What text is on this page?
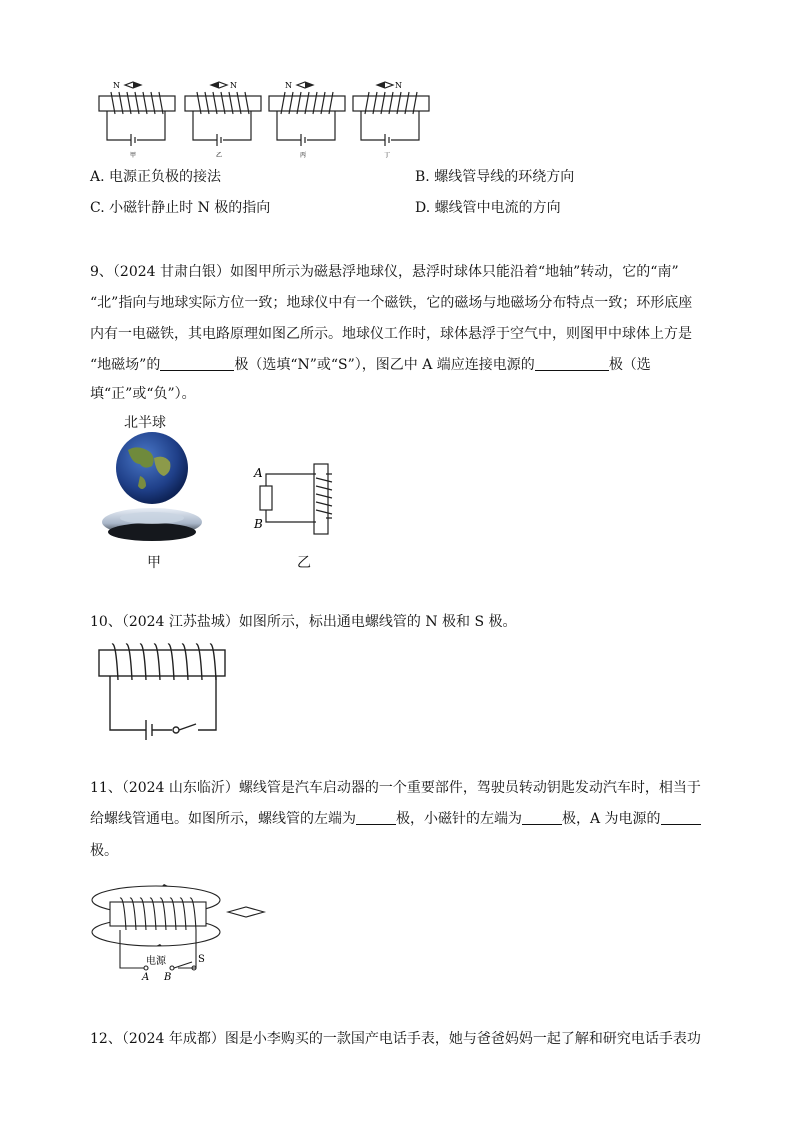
N	N	N	N
甲	乙	丙	丁
A. 电源正负极的接法	B. 螺线管导线的环绕方向
C. 小磁针静止时 N 极的指向	D. 螺线管中电流的方向
9、（2024 甘肃白银）如图甲所示为磁悬浮地球仪，悬浮时球体只能沿着“地轴”转动，它的“南”
“北”指向与地球实际方位一致；地球仪中有一个磁铁，它的磁场与地磁场分布特点一致；环形底座
内有一电磁铁，其电路原理如图乙所示。地球仪工作时，球体悬浮于空气中，则图甲中球体上方是
“地磁场”的	极（选填“N”或“S”），图乙中 A 端应连接电源的	极（选
填“正”或“负”）。
北半球
甲
A
B
乙
10、（2024 江苏盐城）如图所示，标出通电螺线管的 N 极和 S 极。
11、（2024 山东临沂）螺线管是汽车启动器的一个重要部件，驾驶员转动钥匙发动汽车时，相当于
给螺线管通电。如图所示，螺线管的左端为	极，小磁针的左端为	极，A 为电源的
极。
电源
A B
S
12、（2024 年成都）图是小李购买的一款国产电话手表，她与爸爸妈妈一起了解和研究电话手表功
